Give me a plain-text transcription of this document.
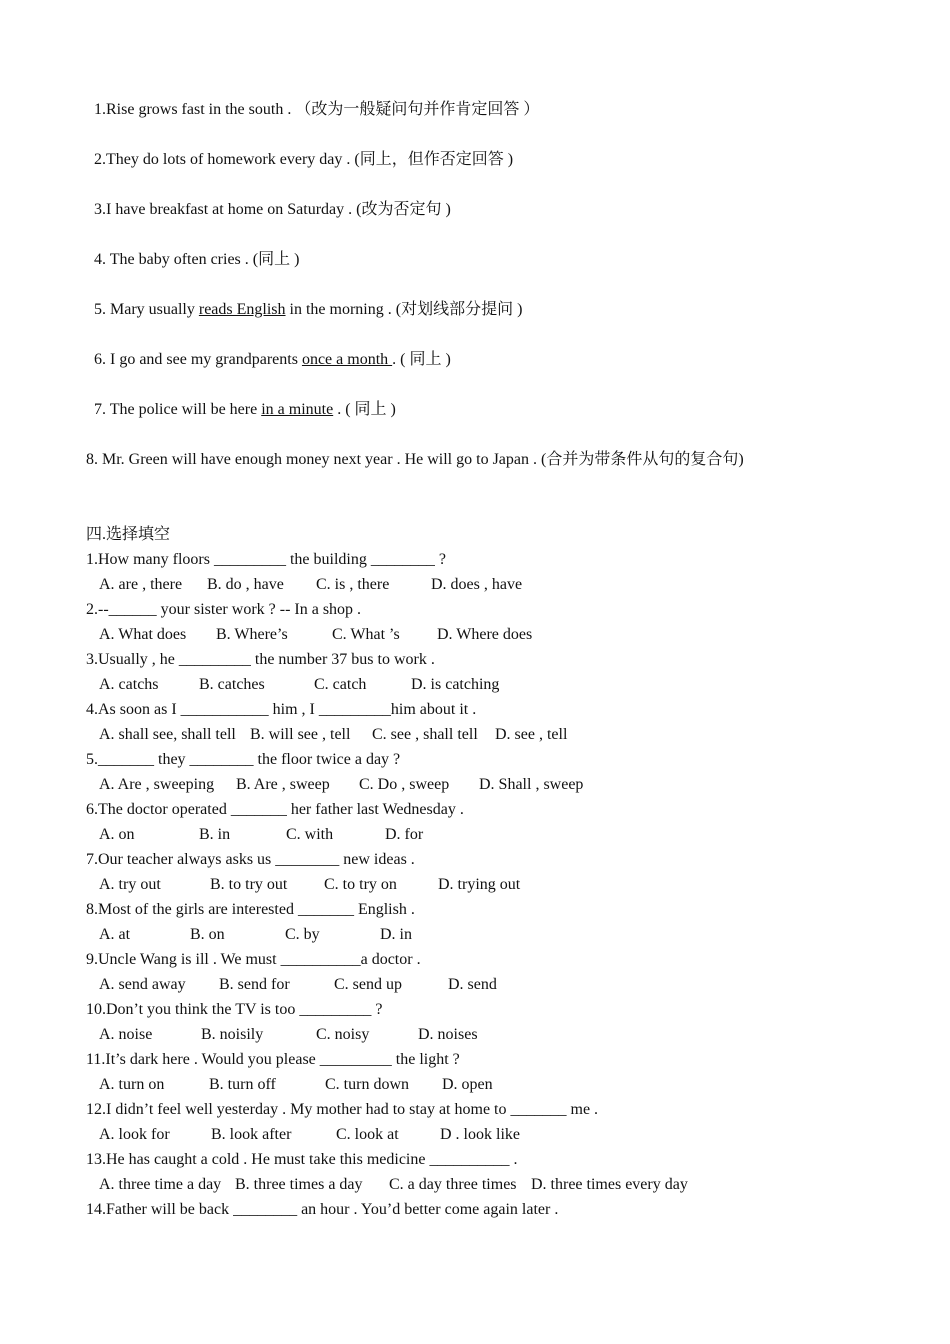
1.Rise grows fast in the south . （改为一般疑问句并作肯定回答 ）
2.They do lots of homework every day . (同上，但作否定回答 )
3.I have breakfast at home on Saturday . (改为否定句 )
4. The baby often cries . (同上 )
5. Mary usually reads English in the morning . (对划线部分提问 )
6. I go and see my grandparents once a month . ( 同上 )
7. The police will be here in a minute . ( 同上 )
8. Mr. Green will have enough money next year . He will go to Japan . (合并为带条件从句的复合句)
四.选择填空
1.How many floors _________ the building ________ ?
A. are , there B. do , have C. is , there	D. does , have
2.--______ your sister work ? -- In a shop .
A. What does B. Where’s	C. What ’s D. Where does
3.Usually , he _________ the number 37 bus to work .
A. catchs	B. catches	C. catch	D. is catching
4.As soon as I ___________ him , I _________him about it .
A. shall see, shall tell B. will see , tell C. see , shall tell D. see , tell
5._______ they ________ the floor twice a day ?
A. Are , sweeping B. Are , sweep C. Do , sweep D. Shall , sweep
6.The doctor operated _______ her father last Wednesday .
A. on	B. in	C. with	D. for
7.Our teacher always asks us ________ new ideas .
A. try out	B. to try out C. to try on	D. trying out
8.Most of the girls are interested _______ English .
A. at	B. on	C. by	D. in
9.Uncle Wang is ill . We must __________a doctor .
A. send away B. send for	C. send up	D. send
10.Don’t you think the TV is too _________ ?
A. noise	B. noisily	C. noisy	D. noises
11.It’s dark here . Would you please _________ the light ?
A. turn on	B. turn off	C. turn down D. open
12.I didn’t feel well yesterday . My mother had to stay at home to _______ me .
A. look for	B. look after	C. look at	D . look like
13.He has caught a cold . He must take this medicine __________ .
A. three time a day B. three times a day C. a day three times D. three times every day
14.Father will be back ________ an hour . You’d better come again later .
